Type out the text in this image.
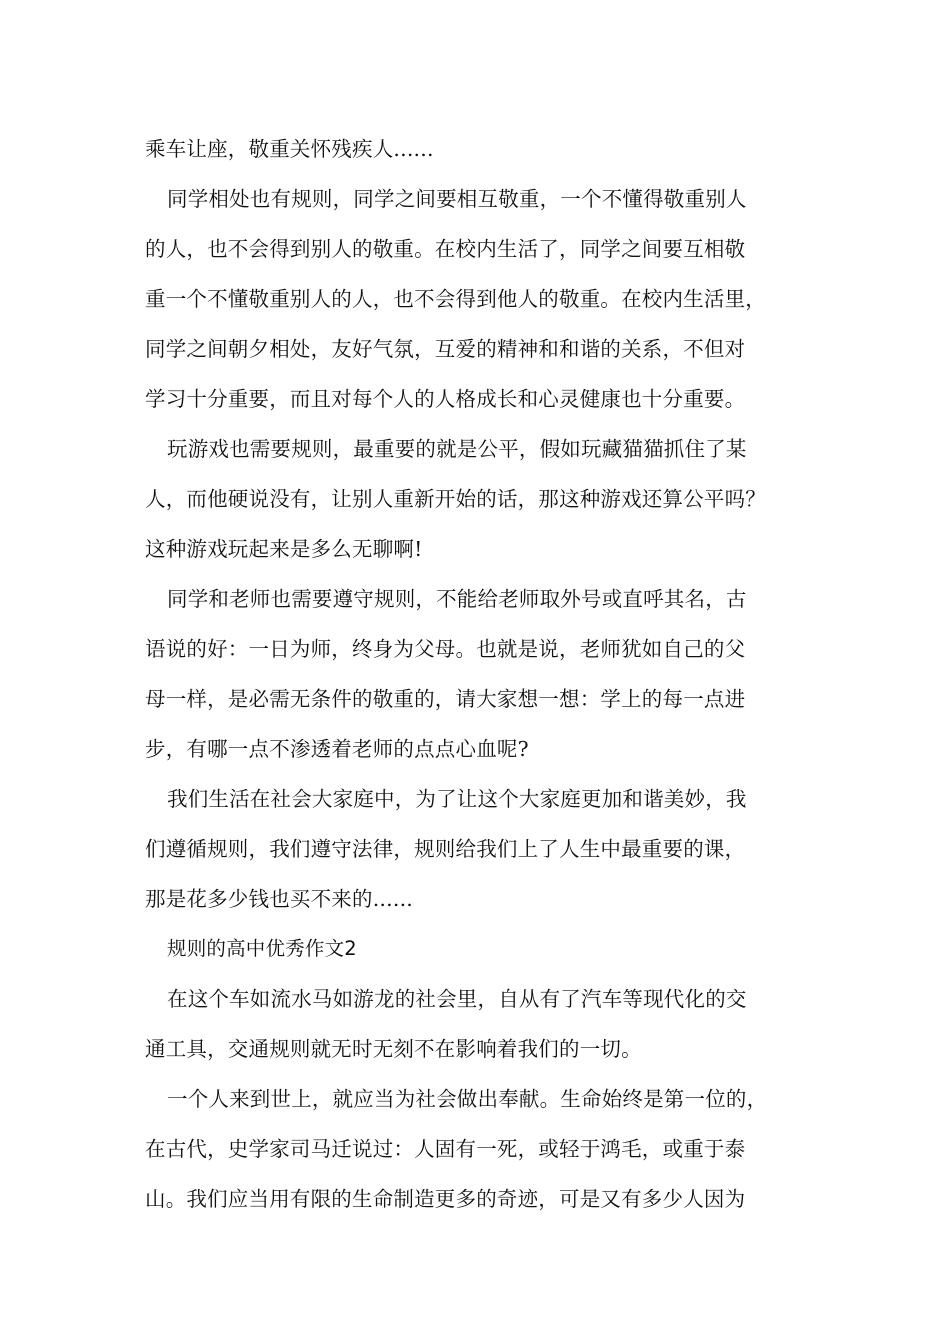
乘车让座，敬重关怀残疾人......
同学相处也有规则，同学之间要相互敬重，一个不懂得敬重别人
的人，也不会得到别人的敬重。在校内生活了，同学之间要互相敬
重一个不懂敬重别人的人，也不会得到他人的敬重。在校内生活里，
同学之间朝夕相处，友好气氛，互爱的精神和和谐的关系，不但对
学习十分重要，而且对每个人的人格成长和心灵健康也十分重要。
玩游戏也需要规则，最重要的就是公平，假如玩藏猫猫抓住了某
人，而他硬说没有，让别人重新开始的话，那这种游戏还算公平吗？
这种游戏玩起来是多么无聊啊!
同学和老师也需要遵守规则，不能给老师取外号或直呼其名，古
语说的好：一日为师，终身为父母。也就是说，老师犹如自己的父
母一样，是必需无条件的敬重的，请大家想一想：学上的每一点进
步，有哪一点不渗透着老师的点点心血呢?
我们生活在社会大家庭中，为了让这个大家庭更加和谐美妙，我
们遵循规则，我们遵守法律，规则给我们上了人生中最重要的课，
那是花多少钱也买不来的......
规则的高中优秀作文2
在这个车如流水马如游龙的社会里，自从有了汽车等现代化的交
通工具，交通规则就无时无刻不在影响着我们的一切。
一个人来到世上，就应当为社会做出奉献。生命始终是第一位的，
在古代，史学家司马迁说过：人固有一死，或轻于鸿毛，或重于泰
山。我们应当用有限的生命制造更多的奇迹，可是又有多少人因为
